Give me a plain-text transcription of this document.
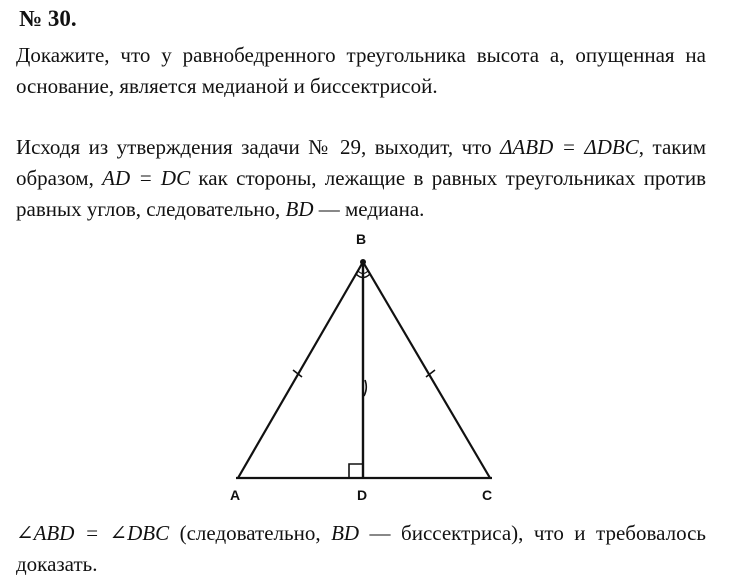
№ 30.

Докажите, что у равнобедренного треугольника высота а, опущенная на основание, является медианой и биссектрисой.

Исходя из утверждения задачи № 29, выходит, что ΔABD = ΔDBC, таким образом, AD = DC как стороны, лежащие в равных треугольниках против равных углов, следовательно, BD — медиана.

B
A	D	C

∠ABD = ∠DBC (следовательно, BD — биссектриса), что и требовалось доказать.
